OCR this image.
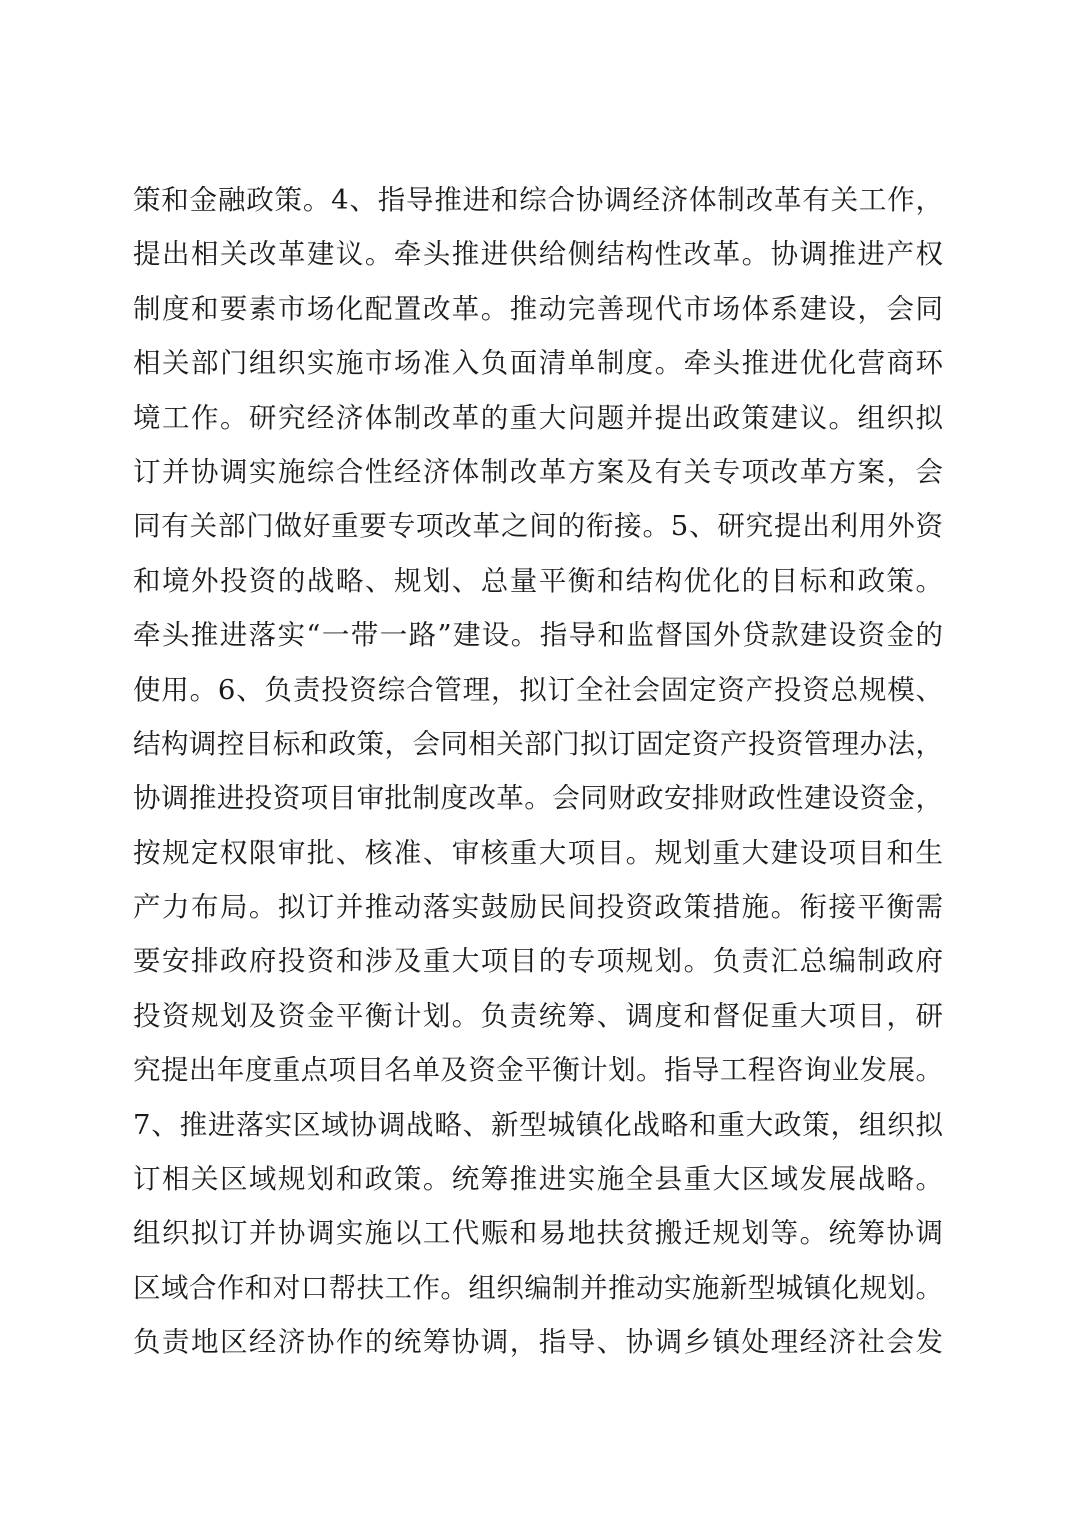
策和金融政策。4、指导推进和综合协调经济体制改革有关工作，
提出相关改革建议。牵头推进供给侧结构性改革。协调推进产权
制度和要素市场化配置改革。推动完善现代市场体系建设，会同
相关部门组织实施市场准入负面清单制度。牵头推进优化营商环
境工作。研究经济体制改革的重大问题并提出政策建议。组织拟
订并协调实施综合性经济体制改革方案及有关专项改革方案，会
同有关部门做好重要专项改革之间的衔接。5、研究提出利用外资
和境外投资的战略、规划、总量平衡和结构优化的目标和政策。
牵头推进落实“一带一路”建设。指导和监督国外贷款建设资金的
使用。6、负责投资综合管理，拟订全社会固定资产投资总规模、
结构调控目标和政策，会同相关部门拟订固定资产投资管理办法，
协调推进投资项目审批制度改革。会同财政安排财政性建设资金，
按规定权限审批、核准、审核重大项目。规划重大建设项目和生
产力布局。拟订并推动落实鼓励民间投资政策措施。衔接平衡需
要安排政府投资和涉及重大项目的专项规划。负责汇总编制政府
投资规划及资金平衡计划。负责统筹、调度和督促重大项目，研
究提出年度重点项目名单及资金平衡计划。指导工程咨询业发展。
7、推进落实区域协调战略、新型城镇化战略和重大政策，组织拟
订相关区域规划和政策。统筹推进实施全县重大区域发展战略。
组织拟订并协调实施以工代赈和易地扶贫搬迁规划等。统筹协调
区域合作和对口帮扶工作。组织编制并推动实施新型城镇化规划。
负责地区经济协作的统筹协调，指导、协调乡镇处理经济社会发
